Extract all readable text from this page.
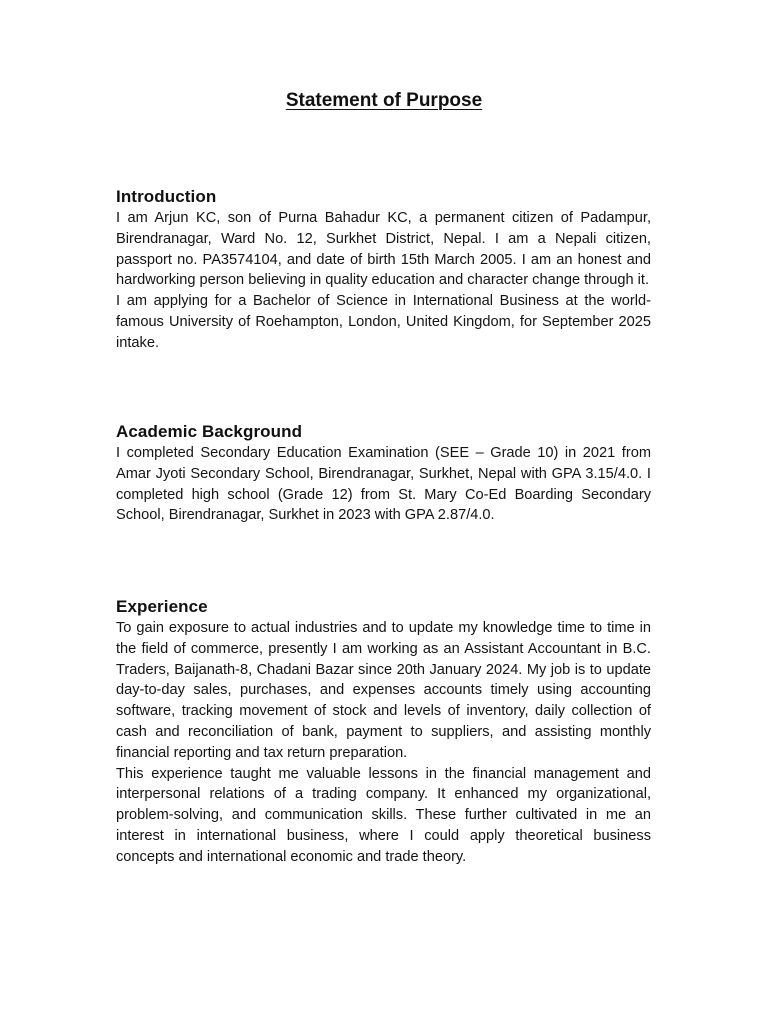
Statement of Purpose
Introduction

I am Arjun KC, son of Purna Bahadur KC, a permanent citizen of Padampur, Birendranagar, Ward No. 12, Surkhet District, Nepal. I am a Nepali citizen, passport no. PA3574104, and date of birth 15th March 2005. I am an honest and hardworking person believing in quality education and character change through it.

I am applying for a Bachelor of Science in International Business at the world-famous University of Roehampton, London, United Kingdom, for September 2025 intake.

Academic Background

I completed Secondary Education Examination (SEE – Grade 10) in 2021 from Amar Jyoti Secondary School, Birendranagar, Surkhet, Nepal with GPA 3.15/4.0. I completed high school (Grade 12) from St. Mary Co-Ed Boarding Secondary School, Birendranagar, Surkhet in 2023 with GPA 2.87/4.0.

Experience

To gain exposure to actual industries and to update my knowledge time to time in the field of commerce, presently I am working as an Assistant Accountant in B.C. Traders, Baijanath-8, Chadani Bazar since 20th January 2024. My job is to update day-to-day sales, purchases, and expenses accounts timely using accounting software, tracking movement of stock and levels of inventory, daily collection of cash and reconciliation of bank, payment to suppliers, and assisting monthly financial reporting and tax return preparation.

This experience taught me valuable lessons in the financial management and interpersonal relations of a trading company. It enhanced my organizational, problem-solving, and communication skills. These further cultivated in me an interest in international business, where I could apply theoretical business concepts and international economic and trade theory.
